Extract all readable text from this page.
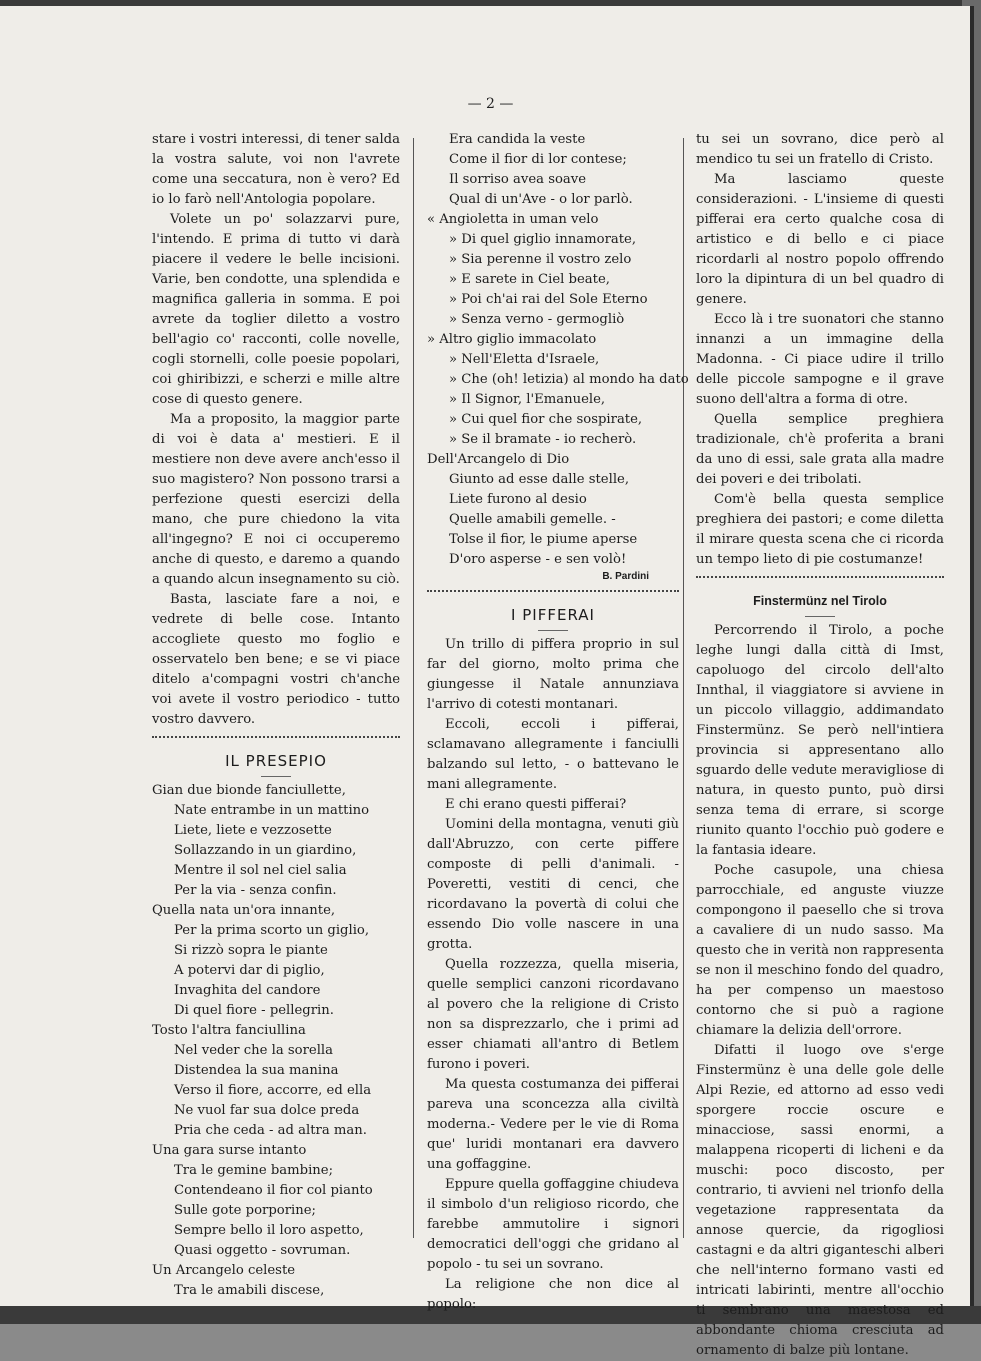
— 2 —

stare i vostri interessi, di tener salda la vostra salute, voi non l'avrete come una seccatura, non è vero? Ed io lo farò nell'Antologia popolare.

Volete un po' solazzarvi pure, l'intendo. E prima di tutto vi darà piacere il vedere le belle incisioni. Varie, ben condotte, una splendida e magnifica galleria in somma. E poi avrete da toglier diletto a vostro bell'agio co' racconti, colle novelle, cogli stornelli, colle poesie popolari, coi ghiribizzi, e scherzi e mille altre cose di questo genere.

Ma a proposito, la maggior parte di voi è data a' mestieri. E il mestiere non deve avere anch'esso il suo magistero? Non possono trarsi a perfezione questi esercizi della mano, che pure chiedono la vita all'ingegno? E noi ci occuperemo anche di questo, e daremo a quando a quando alcun insegnamento su ciò.

Basta, lasciate fare a noi, e vedrete di belle cose. Intanto accogliete questo mo foglio e osservatelo ben bene; e se vi piace ditelo a'compagni vostri ch'anche voi avete il vostro periodico - tutto vostro davvero.

IL PRESEPIO

Gian due bionde fanciullette,

Nate entrambe in un mattino

Liete, liete e vezzosette

Sollazzando in un giardino,

Mentre il sol nel ciel salia

Per la via - senza confin.

Quella nata un'ora innante,

Per la prima scorto un giglio,

Si rizzò sopra le piante

A potervi dar di piglio,

Invaghita del candore

Di quel fiore - pellegrin.

Tosto l'altra fanciullina

Nel veder che la sorella

Distendea la sua manina

Verso il fiore, accorre, ed ella

Ne vuol far sua dolce preda

Pria che ceda - ad altra man.

Una gara surse intanto

Tra le gemine bambine;

Contendeano il fior col pianto

Sulle gote porporine;

Sempre bello il loro aspetto,

Quasi oggetto - sovruman.

Un Arcangelo celeste

Tra le amabili discese,

Era candida la veste

Come il fior di lor contese;

Il sorriso avea soave

Qual di un'Ave - o lor parlò.

« Angioletta in uman velo

» Di quel giglio innamorate,

» Sia perenne il vostro zelo

» E sarete in Ciel beate,

» Poi ch'ai rai del Sole Eterno

» Senza verno - germogliò

» Altro giglio immacolato

» Nell'Eletta d'Israele,

» Che (oh! letizia) al mondo ha dato

» Il Signor, l'Emanuele,

» Cui quel fior che sospirate,

» Se il bramate - io recherò.

Dell'Arcangelo di Dio

Giunto ad esse dalle stelle,

Liete furono al desio

Quelle amabili gemelle. -

Tolse il fior, le piume aperse

D'oro asperse - e sen volò!

B. Pardini

I PIFFERAI

Un trillo di piffera proprio in sul far del giorno, molto prima che giungesse il Natale annunziava l'arrivo di cotesti montanari.

Eccoli, eccoli i pifferai, sclamavano allegramente i fanciulli balzando sul letto, - o battevano le mani allegramente.

E chi erano questi pifferai?

Uomini della montagna, venuti giù dall'Abruzzo, con certe piffere composte di pelli d'animali. - Poveretti, vestiti di cenci, che ricordavano la povertà di colui che essendo Dio volle nascere in una grotta.

Quella rozzezza, quella miseria, quelle semplici canzoni ricordavano al povero che la religione di Cristo non sa disprezzarlo, che i primi ad esser chiamati all'antro di Betlem furono i poveri.

Ma questa costumanza dei pifferai pareva una sconcezza alla civiltà moderna.- Vedere per le vie di Roma que' luridi montanari era davvero una goffaggine.

Eppure quella goffaggine chiudeva il simbolo d'un religioso ricordo, che farebbe ammutolire i signori democratici dell'oggi che gridano al popolo - tu sei un sovrano.

La religione che non dice al popolo:

tu sei un sovrano, dice però al mendico tu sei un fratello di Cristo.

Ma lasciamo queste considerazioni. - L'insieme di questi pifferai era certo qualche cosa di artistico e di bello e ci piace ricordarli al nostro popolo offrendo loro la dipintura di un bel quadro di genere.

Ecco là i tre suonatori che stanno innanzi a un immagine della Madonna. - Ci piace udire il trillo delle piccole sampogne e il grave suono dell'altra a forma di otre.

Quella semplice preghiera tradizionale, ch'è proferita a brani da uno di essi, sale grata alla madre dei poveri e dei tribolati.

Com'è bella questa semplice preghiera dei pastori; e come diletta il mirare questa scena che ci ricorda un tempo lieto di pie costumanze!

Finstermünz nel Tirolo

Percorrendo il Tirolo, a poche leghe lungi dalla città di Imst, capoluogo del circolo dell'alto Innthal, il viaggiatore si avviene in un piccolo villaggio, addimandato Finstermünz. Se però nell'intiera provincia si appresentano allo sguardo delle vedute meravigliose di natura, in questo punto, può dirsi senza tema di errare, si scorge riunito quanto l'occhio può godere e la fantasia ideare.

Poche casupole, una chiesa parrocchiale, ed anguste viuzze compongono il paesello che si trova a cavaliere di un nudo sasso. Ma questo che in verità non rappresenta se non il meschino fondo del quadro, ha per compenso un maestoso contorno che si può a ragione chiamare la delizia dell'orrore.

Difatti il luogo ove s'erge Finstermünz è una delle gole delle Alpi Rezie, ed attorno ad esso vedi sporgere roccie oscure e minacciose, sassi enormi, a malappena ricoperti di licheni e da muschi: poco discosto, per contrario, ti avvieni nel trionfo della vegetazione rappresentata da annose quercie, da rigogliosi castagni e da altri giganteschi alberi che nell'interno formano vasti ed intricati labirinti, mentre all'occhio ti sembrano una maestosa ed abbondante chioma cresciuta ad ornamento di balze più lontane.
